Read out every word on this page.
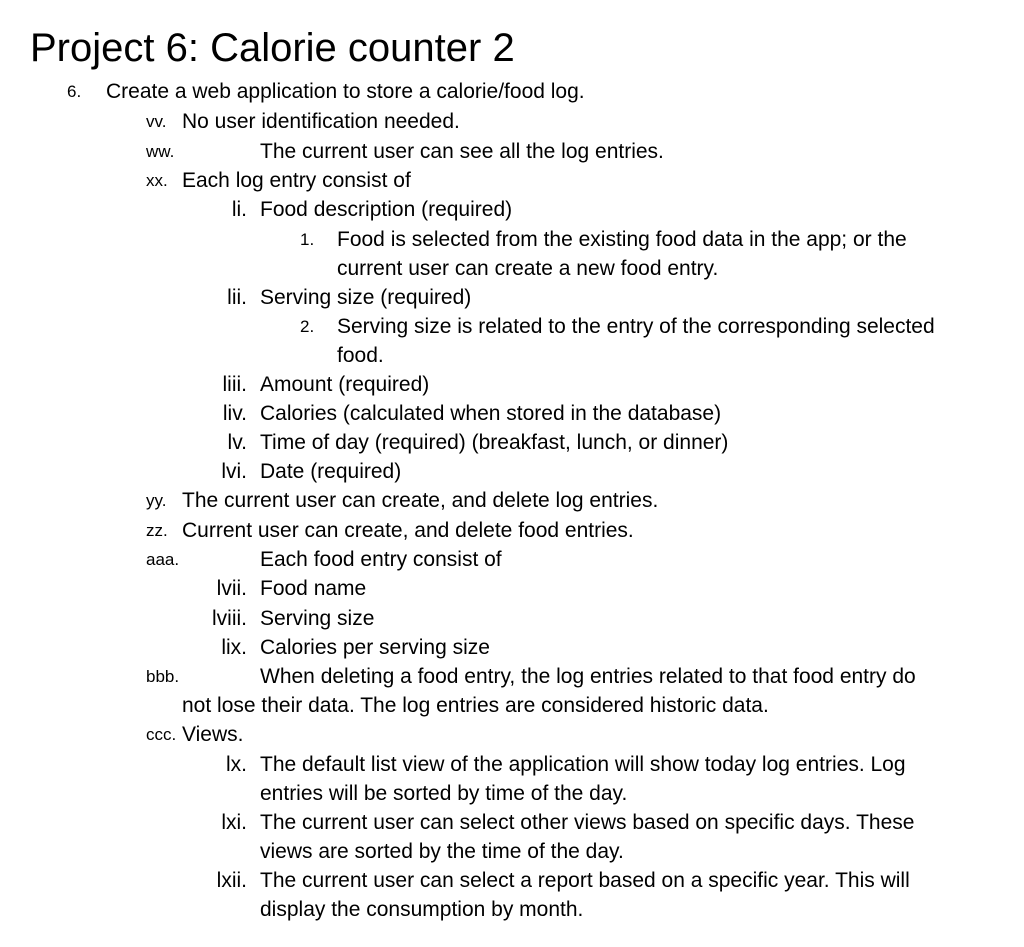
Project 6: Calorie counter 2
6. Create a web application to store a calorie/food log.
vv. No user identification needed.
ww.	The current user can see all the log entries.
xx. Each log entry consist of
li. Food description (required)
1. Food is selected from the existing food data in the app; or the
current user can create a new food entry.
lii. Serving size (required)
2. Serving size is related to the entry of the corresponding selected
food.
liii. Amount (required)
liv. Calories (calculated when stored in the database)
lv. Time of day (required) (breakfast, lunch, or dinner)
lvi. Date (required)
yy. The current user can create, and delete log entries.
zz. Current user can create, and delete food entries.
aaa.	Each food entry consist of
lvii. Food name
lviii. Serving size
lix. Calories per serving size
bbb.	When deleting a food entry, the log entries related to that food entry do
not lose their data. The log entries are considered historic data.
ccc. Views.
lx. The default list view of the application will show today log entries. Log
entries will be sorted by time of the day.
lxi. The current user can select other views based on specific days. These
views are sorted by the time of the day.
lxii. The current user can select a report based on a specific year. This will
display the consumption by month.
